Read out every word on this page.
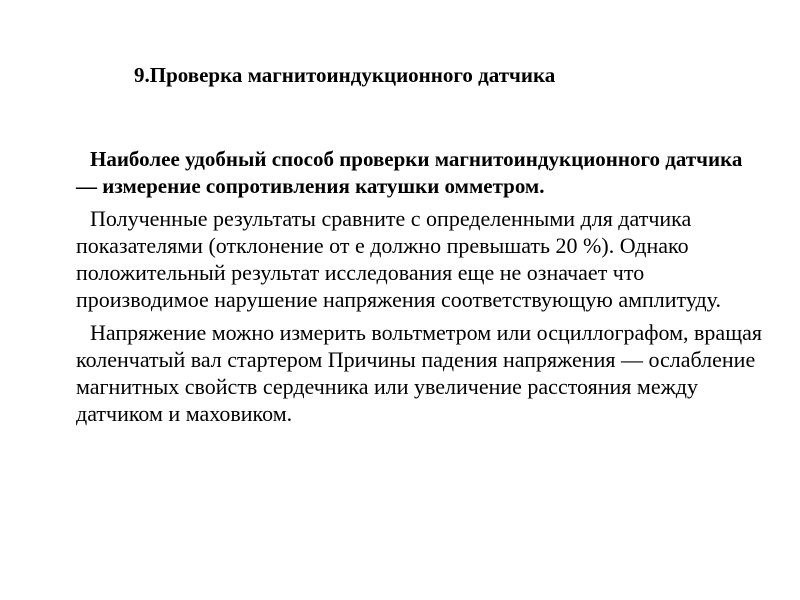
9.Проверка магнитоиндукционного датчика

Наиболее удобный способ проверки магнитоиндукционного датчика — измерение сопротивления катушки омметром.

Полученные результаты сравните с определенными для датчика показателями (отклонение от е должно превышать 20 %). Однако положительный результат исследования еще не означает что производимое нарушение напряжения соответствующую амплитуду.

Напряжение можно измерить вольтметром или осциллографом, вращая коленчатый вал стартером Причины падения напряжения — ослабление магнитных свойств сердечника или увеличение расстояния между датчиком и маховиком.
